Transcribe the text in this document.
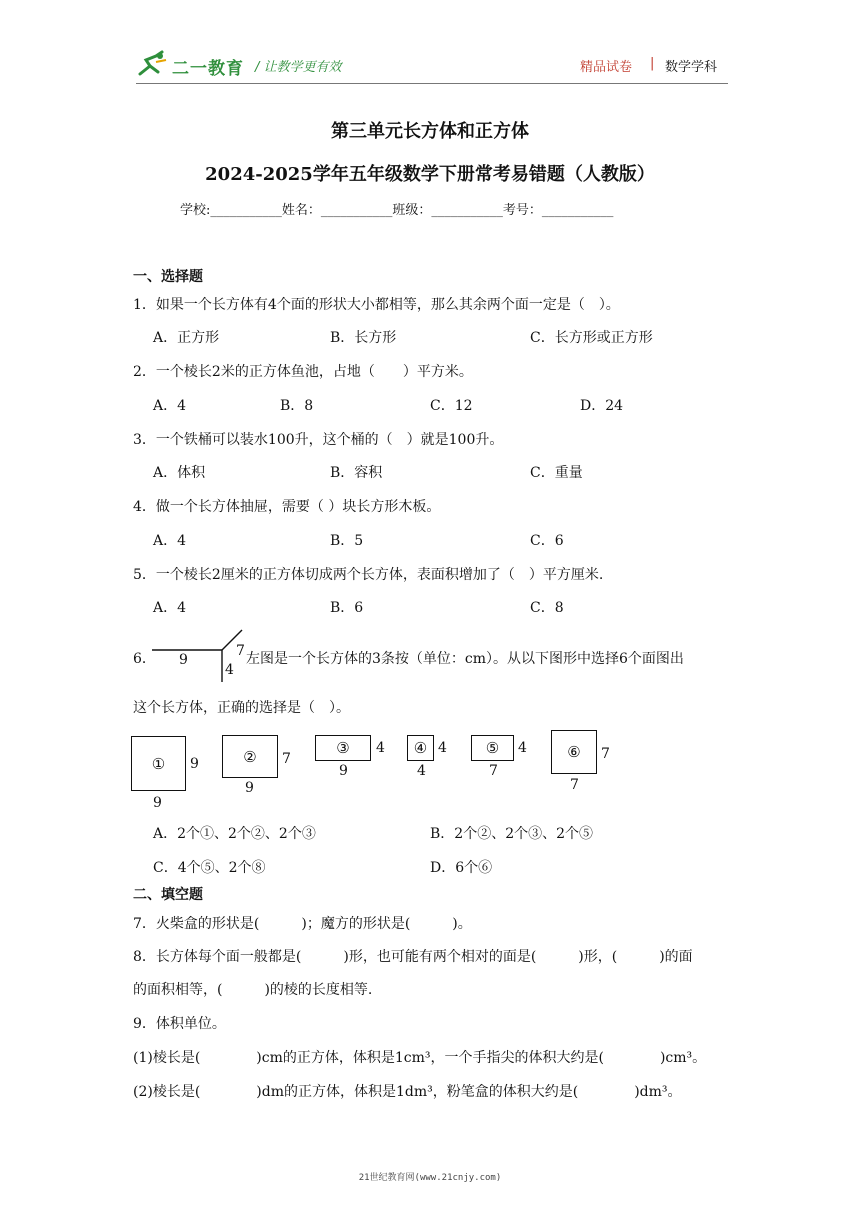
二一教育 / 让教学更有效	精品试卷 | 数学学科
第三单元长方体和正方体
2024-2025学年五年级数学下册常考易错题（人教版）
学校:___________姓名：___________班级：___________考号：___________
一、选择题
1．如果一个长方体有4个面的形状大小都相等，那么其余两个面一定是（　）。
A．正方形	B．长方形	C．长方形或正方形
2．一个棱长2米的正方体鱼池，占地（　　）平方米。
A．4	B．8	C．12	D．24
3．一个铁桶可以装水100升，这个桶的（　）就是100升。
A．体积	B．容积	C．重量
4．做一个长方体抽屉，需要（ ）块长方形木板。
A．4	B．5	C．6
5．一个棱长2厘米的正方体切成两个长方体，表面积增加了（　）平方厘米.
A．4	B．6	C．8
6． 9
4
7 左图是一个长方体的3条按（单位：cm）。从以下图形中选择6个面图出
这个长方体，正确的选择是（　）。
① 9
9
② 7
9
③ 4
9
④ 4
4
⑤ 4
7
⑥ 7
7
A．2个①、2个②、2个③	B．2个②、2个③、2个⑤
C．4个⑤、2个⑧	D．6个⑥
二、填空题
7．火柴盒的形状是(　　　)；魔方的形状是(　　　)。
8．长方体每个面一般都是(　　　)形，也可能有两个相对的面是(　　　)形，(　　　)的面
的面积相等，(　　　)的棱的长度相等.
9．体积单位。
(1)棱长是(　　　　)cm的正方体，体积是1cm³，一个手指尖的体积大约是(　　　　)cm³。
(2)棱长是(　　　　)dm的正方体，体积是1dm³，粉笔盒的体积大约是(　　　　)dm³。
21世纪教育网(www.21cnjy.com)
